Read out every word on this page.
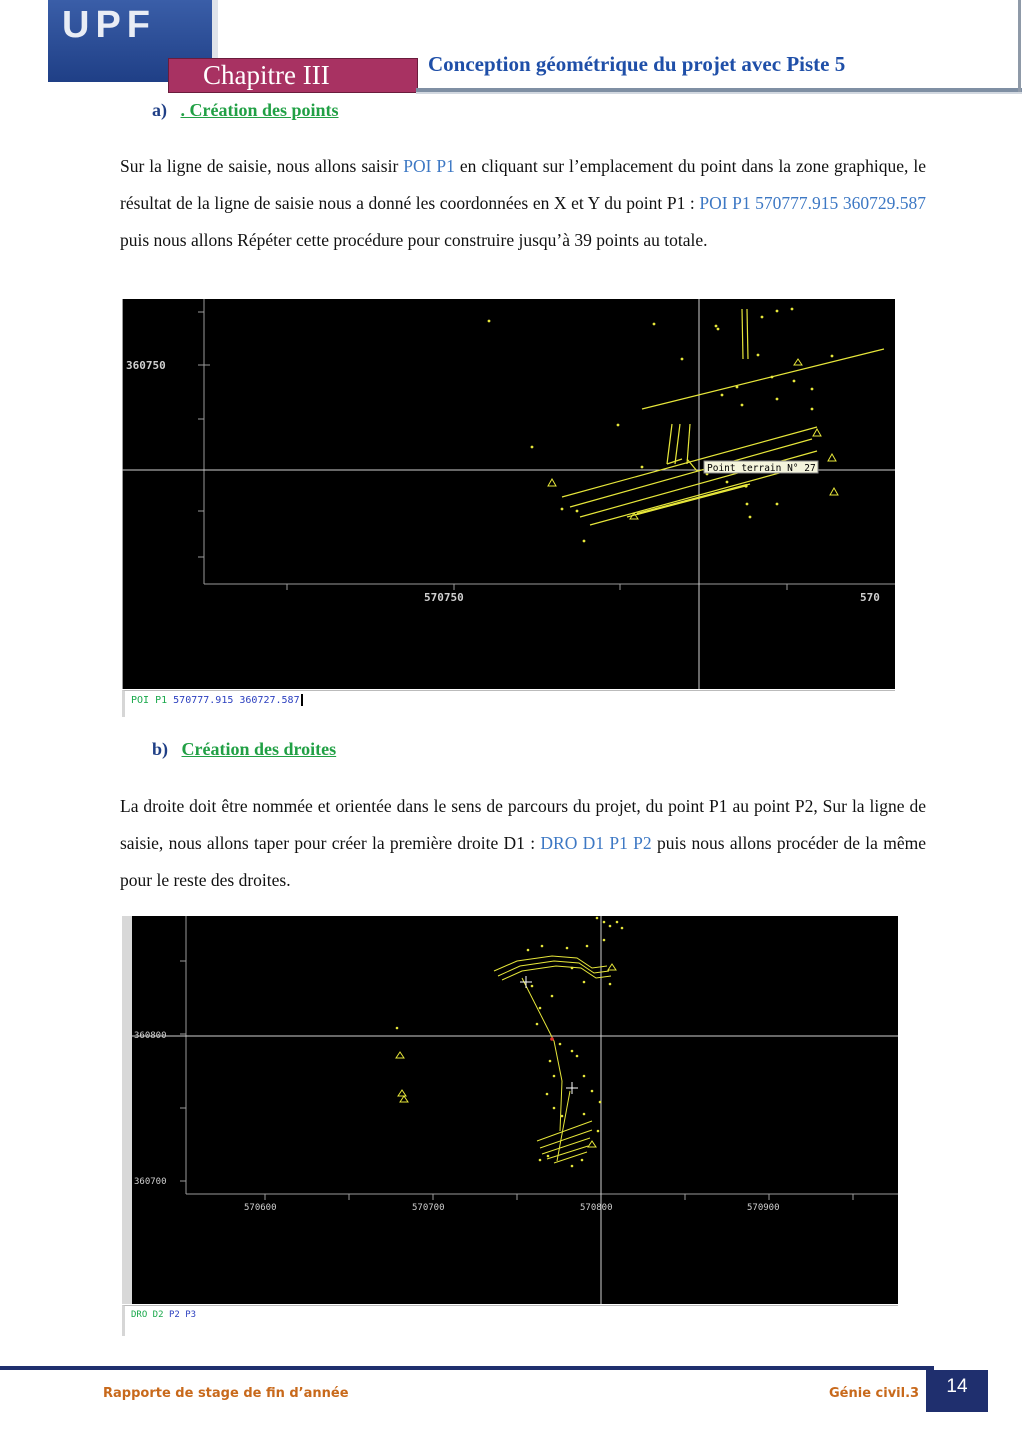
UPF
Chapitre III	Conception géométrique du projet avec Piste 5
a) . Création des points
Sur la ligne de saisie, nous allons saisir POI P1 en cliquant sur l’emplacement du point dans la zone graphique, le résultat de la ligne de saisie nous a donné les coordonnées en X et Y du point P1 : POI P1 570777.915 360729.587 puis nous allons Répéter cette procédure pour construire jusqu’à 39 points au totale.
360750
570750	570
Point terrain N° 27
POI P1 570777.915 360727.587
b) Création des droites
La droite doit être nommée et orientée dans le sens de parcours du projet, du point P1 au point P2, Sur la ligne de saisie, nous allons taper pour créer la première droite D1 : DRO D1 P1 P2 puis nous allons procéder de la même pour le reste des droites.
360800
360700
570600	570700	570800	570900
DRO D2 P2 P3
Rapporte de stage de fin d’année	Génie civil.3	14
